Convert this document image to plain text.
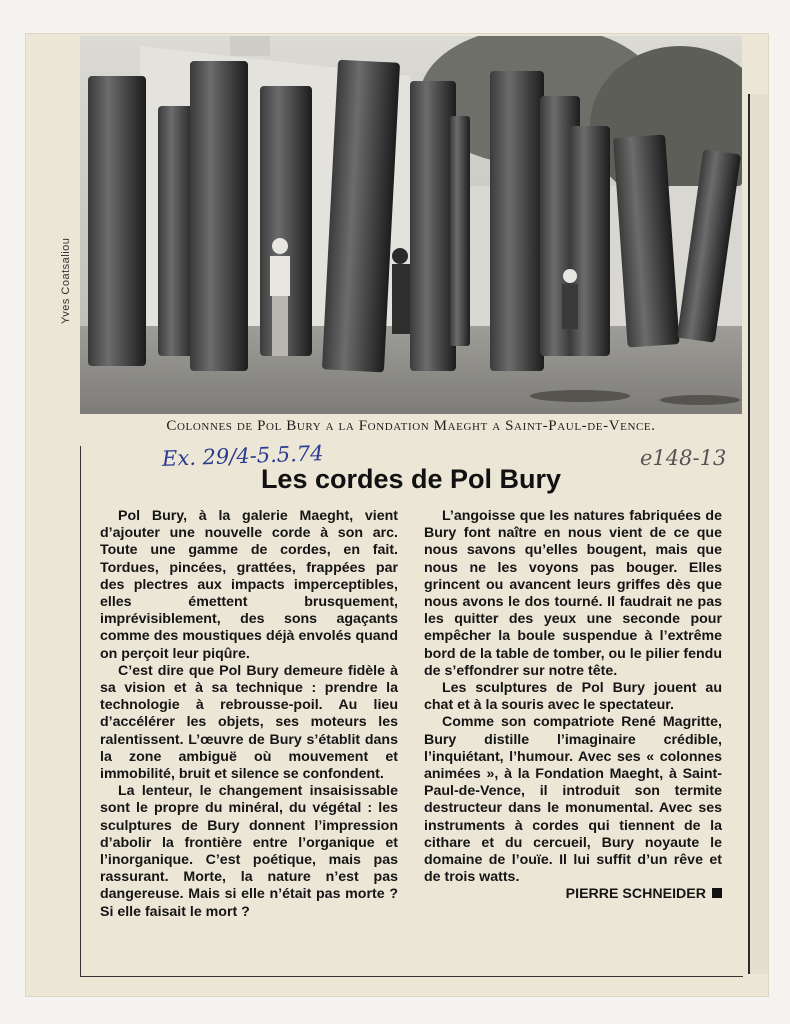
Yves Coatsaliou
Colonnes de Pol Bury a la Fondation Maeght a Saint-Paul-de-Vence.
Ex. 29/4-5.5.74	e148-13
Les cordes de Pol Bury

Pol Bury, à la galerie Maeght, vient d’ajouter une nouvelle corde à son arc. Toute une gamme de cordes, en fait. Tordues, pincées, grattées, frappées par des plectres aux impacts imperceptibles, elles émettent brusquement, imprévisiblement, des sons agaçants comme des moustiques déjà envolés quand on perçoit leur piqûre.

C’est dire que Pol Bury demeure fidèle à sa vision et à sa technique : prendre la technologie à rebrousse-poil. Au lieu d’accélérer les objets, ses moteurs les ralentissent. L’œuvre de Bury s’établit dans la zone ambiguë où mouvement et immobilité, bruit et silence se confondent.

La lenteur, le changement insaisissable sont le propre du minéral, du végétal : les sculptures de Bury donnent l’impression d’abolir la frontière entre l’organique et l’inorganique. C’est poétique, mais pas rassurant. Morte, la nature n’est pas dangereuse. Mais si elle n’était pas morte ? Si elle faisait le mort ?

L’angoisse que les natures fabriquées de Bury font naître en nous vient de ce que nous savons qu’elles bougent, mais que nous ne les voyons pas bouger. Elles grincent ou avancent leurs griffes dès que nous avons le dos tourné. Il faudrait ne pas les quitter des yeux une seconde pour empêcher la boule suspendue à l’extrême bord de la table de tomber, ou le pilier fendu de s’effondrer sur notre tête.

Les sculptures de Pol Bury jouent au chat et à la souris avec le spectateur.

Comme son compatriote René Magritte, Bury distille l’imaginaire crédible, l’inquiétant, l’humour. Avec ses « colonnes animées », à la Fondation Maeght, à Saint-Paul-de-Vence, il introduit son termite destructeur dans le monumental. Avec ses instruments à cordes qui tiennent de la cithare et du cercueil, Bury noyaute le domaine de l’ouïe. Il lui suffit d’un rêve et de trois watts.

PIERRE SCHNEIDER
